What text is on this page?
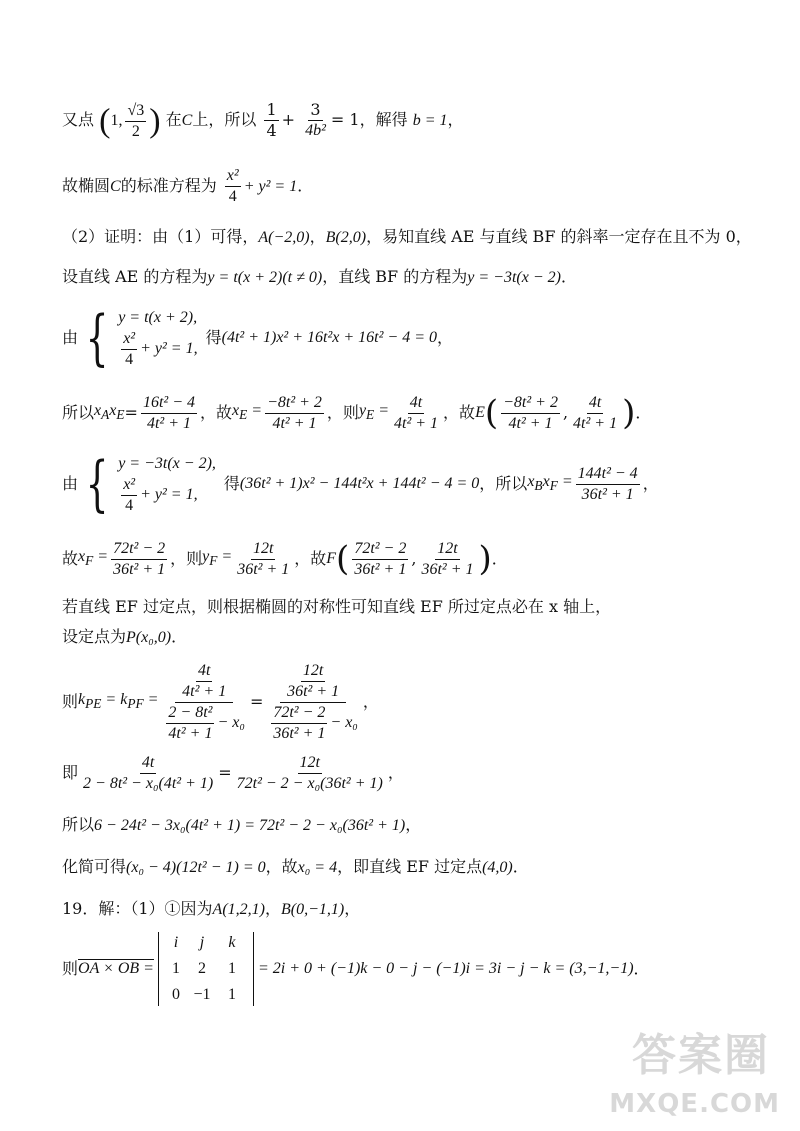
又点 (1, $\frac{√3}{2}$ ) 在C上，所以 $\frac{1}{4} + \frac{3}{\text{4b²}} = 1$，解得 b = 1，
故椭圆C的标准方程为 $\frac{\text{x²}}{4} + y^2 = 1$．
（2）证明：由（1）可得，A(−2,0)，B(2,0)，易知直线 AE 与直线 BF 的斜率一定存在且不为 0，
设直线 AE 的方程为y = t(x + 2)(t ≠ 0)，直线 BF 的方程为y = −3t(x − 2)．
由 { y = t(x + 2),
$\frac{\text{x²}}{4} + y^2 = 1$,
得 (4t² + 1)x² + 16t²x + 16t² − 4 = 0 ，
所以 $x_Ax_E = \frac{\text{16t² − 4}}{\text{4t² + 1}}$ ，故 $x_E = \frac{\text{−8t² + 2}}{\text{4t² + 1}}$ ，则 $y_E = \frac{4t}{\text{4t² + 1}}$ ，故 E ( $\frac{\text{−8t² + 2}}{\text{4t² + 1}}$ , $\frac{4t}{\text{4t² + 1}}$ ) ．
由 { y = −3t(x − 2),
$\frac{\text{x²}}{4} + y^2 = 1$,
得 (36t² + 1)x² − 144t²x + 144t² − 4 = 0 ，所以 $x_Bx_F = \frac{\text{144t² − 4}}{\text{36t² + 1}}$ ，
故 $x_F = \frac{\text{72t² − 2}}{\text{36t² + 1}}$ ，则 $y_F = \frac{12t}{\text{36t² + 1}}$ ，故 F ( $\frac{\text{72t² − 2}}{\text{36t² + 1}}$ , $\frac{12t}{\text{36t² + 1}}$ ) ．
若直线 EF 过定点，则根据椭圆的对称性可知直线 EF 所过定点必在 x 轴上，
设定点为P(x₀,0)．
则 $k_{PE} = k_{PF} = \frac{\frac{4t}{\text{4t² + 1}}}{\frac{\text{2 − 8t²}}{\text{4t² + 1}} - x_0} = \frac{\frac{12t}{\text{36t² + 1}}}{\frac{\text{72t² − 2}}{\text{36t² + 1}} - x_0}$ ，
即 $\frac{4t}{\text{2 − 8t² − x₀(4t² + 1)}} = \frac{12t}{\text{72t² − 2 − x₀(36t² + 1)}}$ ，
所以6 − 24t² − 3x₀(4t² + 1) = 72t² − 2 − x₀(36t² + 1)，
化简可得(x₀ − 4)(12t² − 1) = 0，故x₀ = 4，即直线 EF 过定点(4,0)．
19．解：（1）①因为A(1,2,1)，B(0,−1,1)，
则 OA × OB =
i	j	k
1	2	1
0 −1	1
= 2i + 0 + (−1)k − 0 − j − (−1)i = 3i − j − k = (3,−1,−1) ．
答案圈
MXQE.COM
